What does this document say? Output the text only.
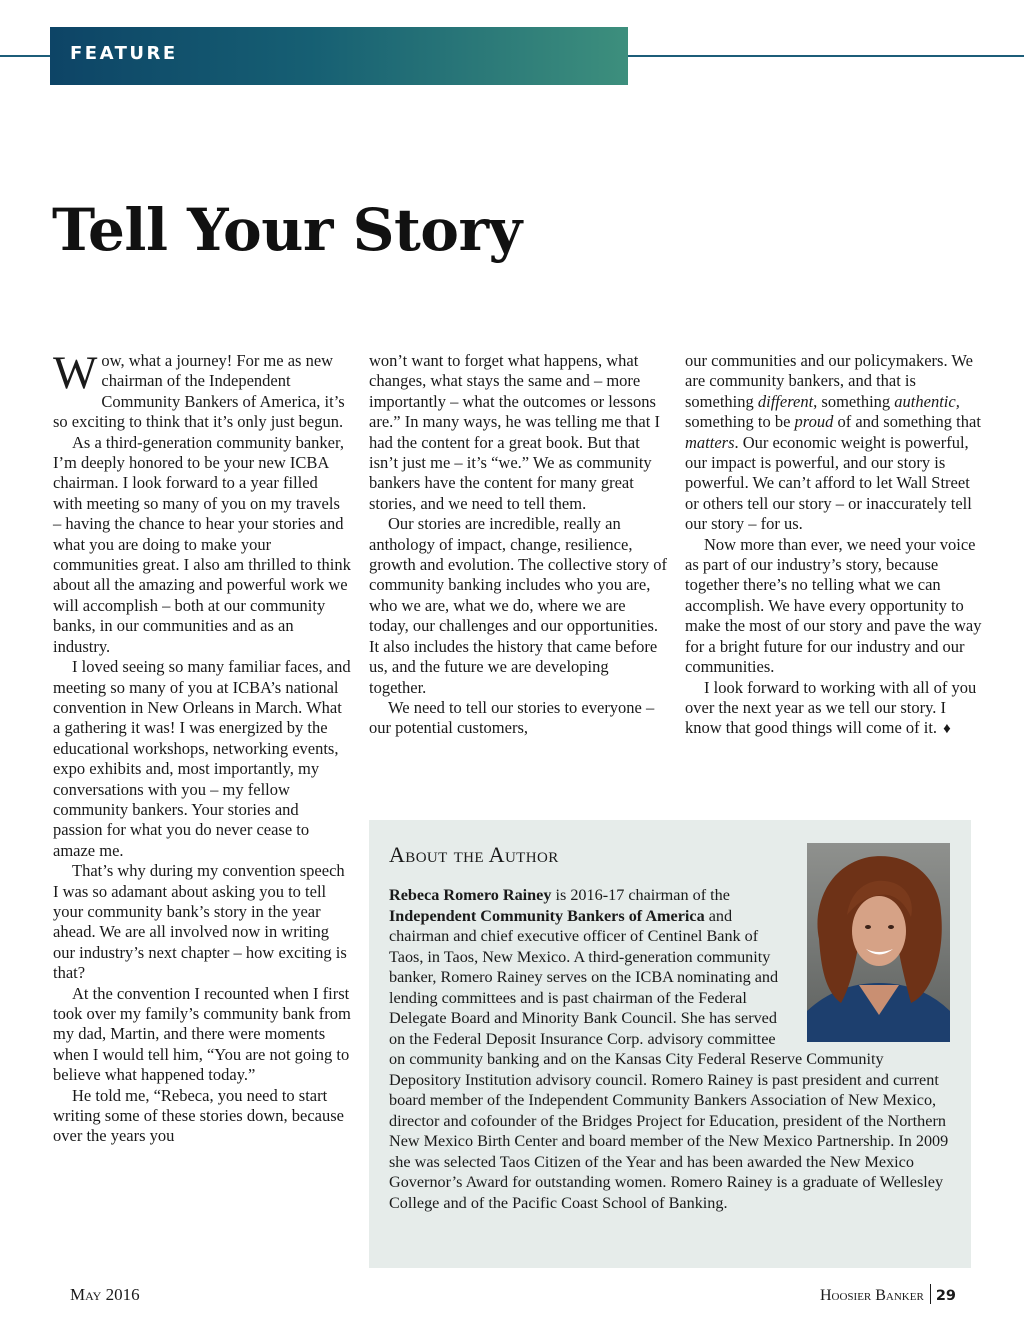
FEATURE
Tell Your Story

Wow, what a journey! For me as new chairman of the Independent Community Bankers of America, it’s so exciting to think that it’s only just begun.

As a third-generation community banker, I’m deeply honored to be your new ICBA chairman. I look forward to a year filled with meeting so many of you on my travels – having the chance to hear your stories and what you are doing to make your communities great. I also am thrilled to think about all the amazing and powerful work we will accomplish – both at our community banks, in our communities and as an industry.

I loved seeing so many familiar faces, and meeting so many of you at ICBA’s national convention in New Orleans in March. What a gathering it was! I was energized by the educational workshops, networking events, expo exhibits and, most importantly, my conversations with you – my fellow community bankers. Your stories and passion for what you do never cease to amaze me.

That’s why during my convention speech I was so adamant about asking you to tell your community bank’s story in the year ahead. We are all involved now in writing our industry’s next chapter – how exciting is that?

At the convention I recounted when I first took over my family’s community bank from my dad, Martin, and there were moments when I would tell him, “You are not going to believe what happened today.”

He told me, “Rebeca, you need to start writing some of these stories down, because over the years you

won’t want to forget what happens, what changes, what stays the same and – more importantly – what the outcomes or lessons are.” In many ways, he was telling me that I had the content for a great book. But that isn’t just me – it’s “we.” We as community bankers have the content for many great stories, and we need to tell them.

Our stories are incredible, really an anthology of impact, change, resilience, growth and evolution. The collective story of community banking includes who you are, who we are, what we do, where we are today, our challenges and our opportunities. It also includes the history that came before us, and the future we are developing together.

We need to tell our stories to everyone – our potential customers,

our communities and our policymakers. We are community bankers, and that is something different, something authentic, something to be proud of and something that matters. Our economic weight is powerful, our impact is powerful, and our story is powerful. We can’t afford to let Wall Street or others tell our story – or inaccurately tell our story – for us.

Now more than ever, we need your voice as part of our industry’s story, because together there’s no telling what we can accomplish. We have every opportunity to make the most of our story and pave the way for a bright future for our industry and our communities.

I look forward to working with all of you over the next year as we tell our story. I know that good things will come of it. ♦

About the Author

Rebeca Romero Rainey is 2016-17 chairman of the Independent Community Bankers of America and chairman and chief executive officer of Centinel Bank of Taos, in Taos, New Mexico. A third-generation community banker, Romero Rainey serves on the ICBA nominating and lending committees and is past chairman of the Federal Delegate Board and Minority Bank Council. She has served on the Federal Deposit Insurance Corp. advisory committee on community banking and on the Kansas City Federal Reserve Community Depository Institution advisory council. Romero Rainey is past president and current board member of the Independent Community Bankers Association of New Mexico, director and cofounder of the Bridges Project for Education, president of the Northern New Mexico Birth Center and board member of the New Mexico Partnership. In 2009 she was selected Taos Citizen of the Year and has been awarded the New Mexico Governor’s Award for outstanding women. Romero Rainey is a graduate of Wellesley College and of the Pacific Coast School of Banking.

May 2016	Hoosier Banker 29
